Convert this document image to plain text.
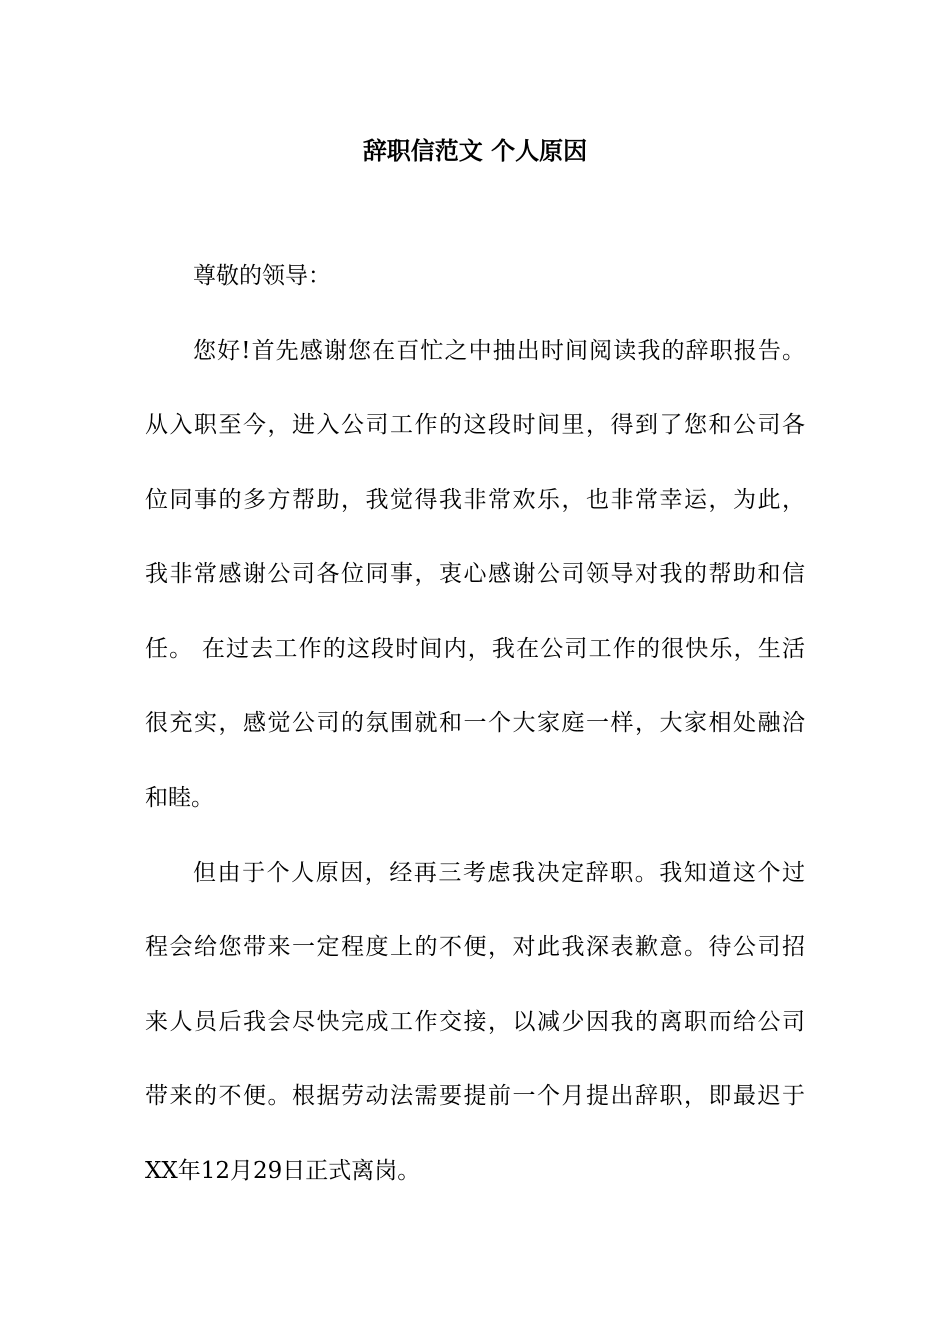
辞职信范文 个人原因
尊敬的领导：
您好!首先感谢您在百忙之中抽出时间阅读我的辞职报告。
从入职至今，进入公司工作的这段时间里，得到了您和公司各
位同事的多方帮助，我觉得我非常欢乐，也非常幸运，为此，
我非常感谢公司各位同事，衷心感谢公司领导对我的帮助和信
任。 在过去工作的这段时间内，我在公司工作的很快乐，生活
很充实，感觉公司的氛围就和一个大家庭一样，大家相处融洽
和睦。
但由于个人原因，经再三考虑我决定辞职。我知道这个过
程会给您带来一定程度上的不便，对此我深表歉意。待公司招
来人员后我会尽快完成工作交接，以减少因我的离职而给公司
带来的不便。根据劳动法需要提前一个月提出辞职，即最迟于
XX年12月29日正式离岗。
